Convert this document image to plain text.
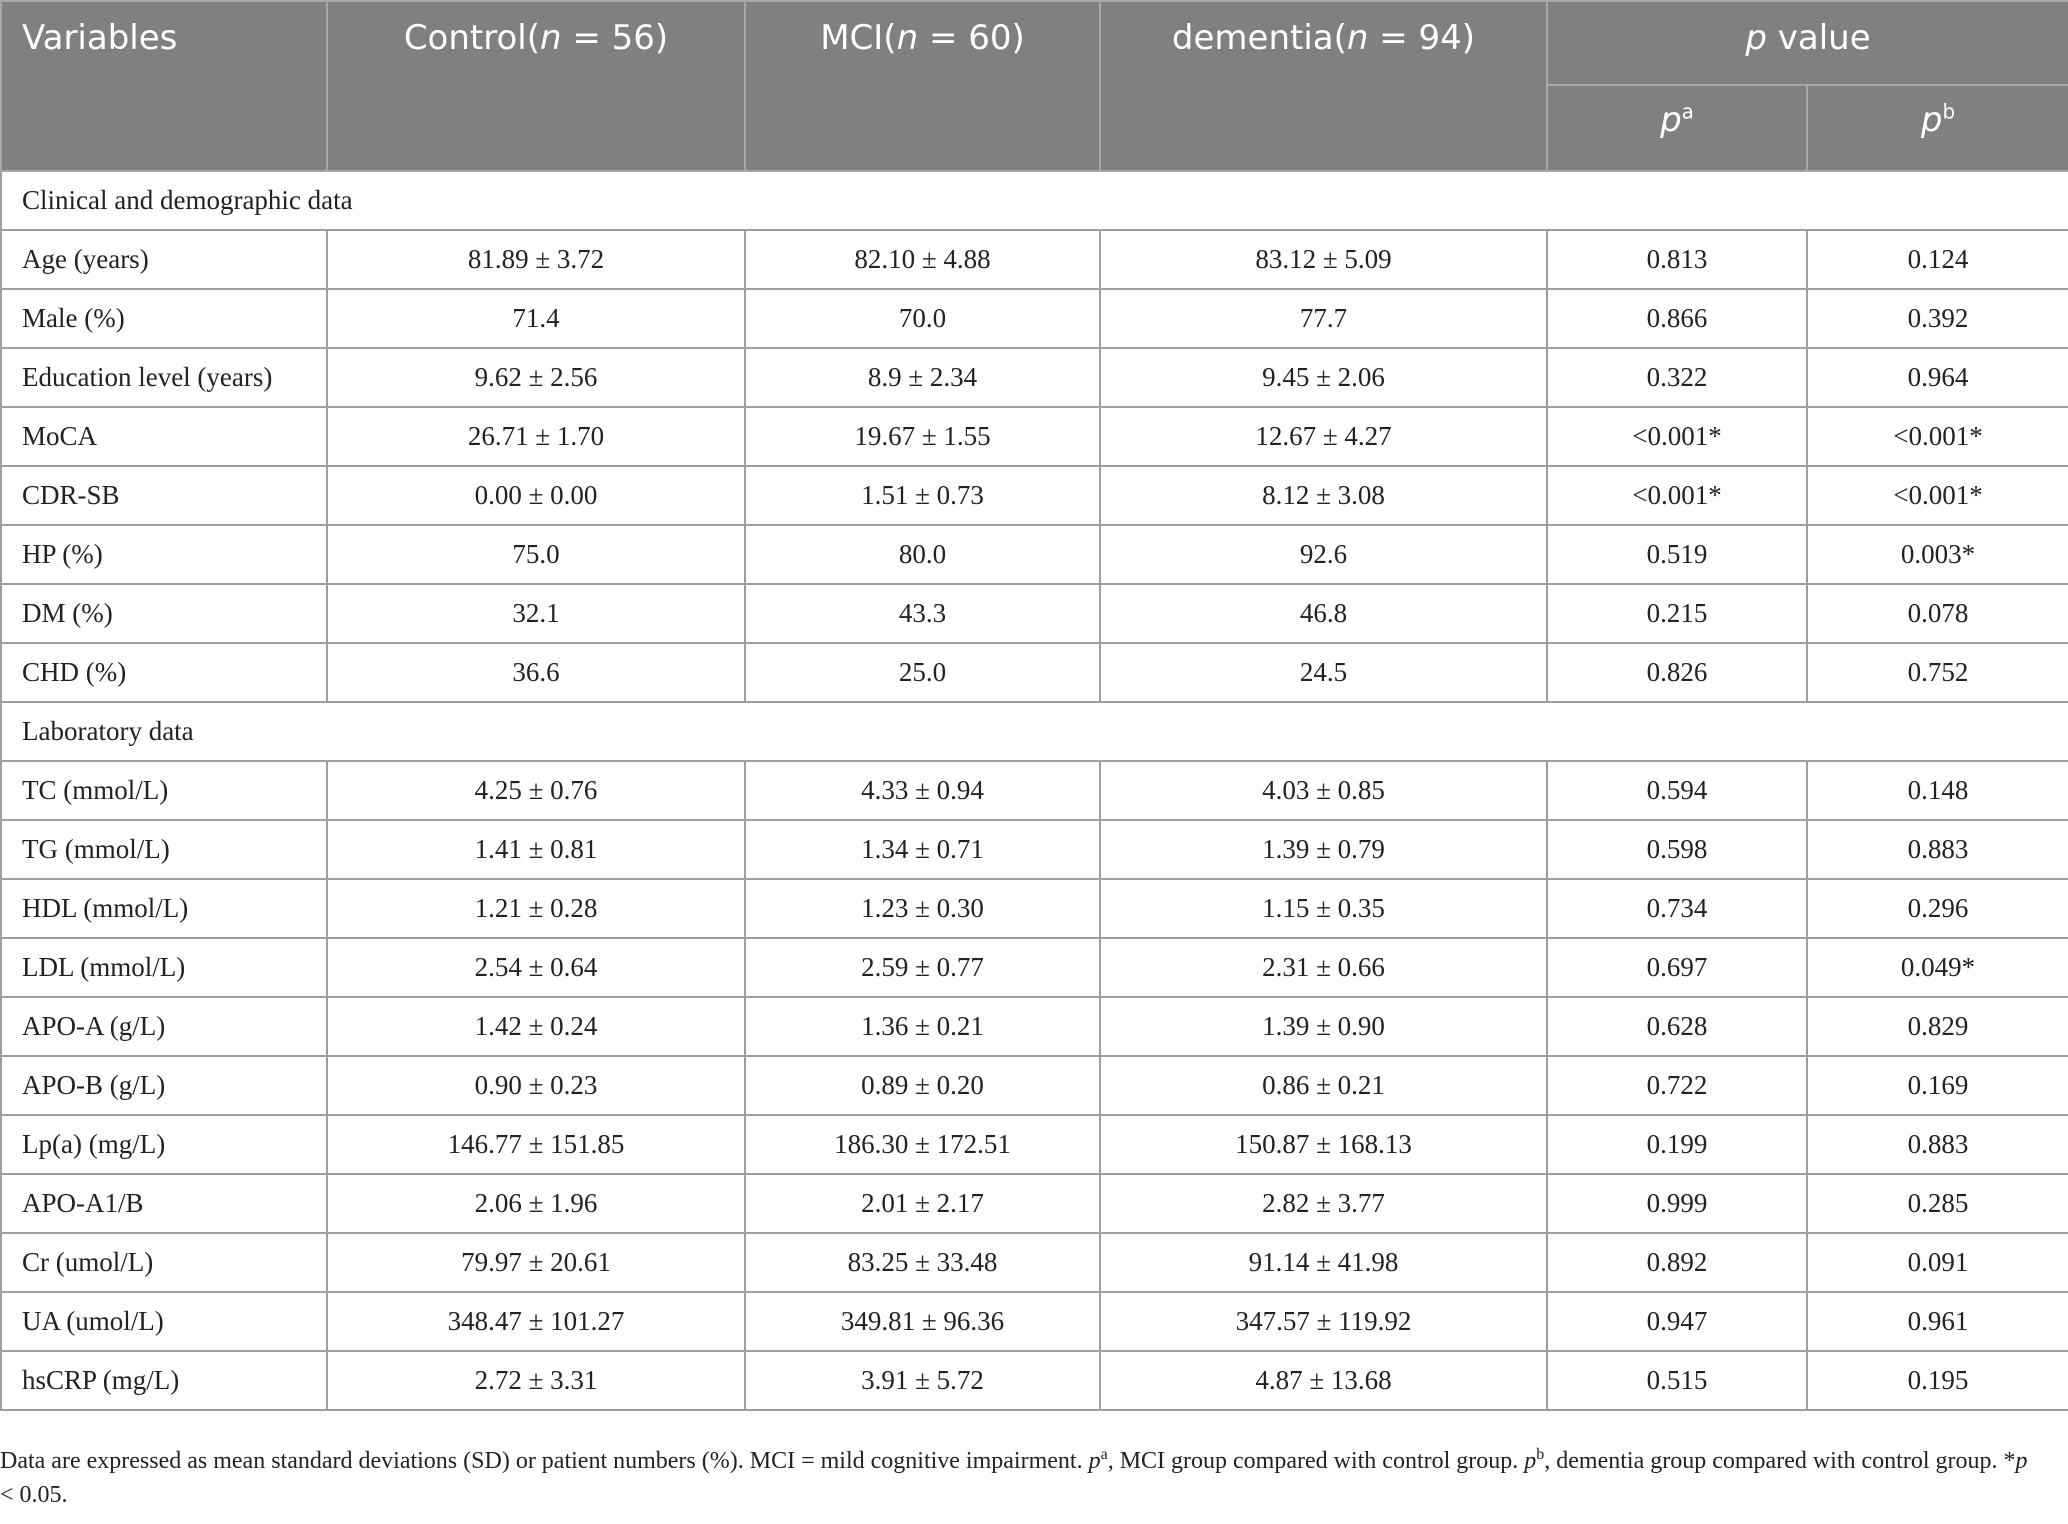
Variables	Control(n = 56)	MCI(n = 60)	dementia(n = 94)	p value	
				$p^a$	$p^b$
Clinical and demographic data					
Age (years)	81.89 ± 3.72	82.10 ± 4.88	83.12 ± 5.09	0.813	0.124
Male (%)	71.4	70.0	77.7	0.866	0.392
Education level (years)	9.62 ± 2.56	8.9 ± 2.34	9.45 ± 2.06	0.322	0.964
MoCA	26.71 ± 1.70	19.67 ± 1.55	12.67 ± 4.27	<0.001*	<0.001*
CDR-SB	0.00 ± 0.00	1.51 ± 0.73	8.12 ± 3.08	<0.001*	<0.001*
HP (%)	75.0	80.0	92.6	0.519	0.003*
DM (%)	32.1	43.3	46.8	0.215	0.078
CHD (%)	36.6	25.0	24.5	0.826	0.752
Laboratory data					
TC (mmol/L)	4.25 ± 0.76	4.33 ± 0.94	4.03 ± 0.85	0.594	0.148
TG (mmol/L)	1.41 ± 0.81	1.34 ± 0.71	1.39 ± 0.79	0.598	0.883
HDL (mmol/L)	1.21 ± 0.28	1.23 ± 0.30	1.15 ± 0.35	0.734	0.296
LDL (mmol/L)	2.54 ± 0.64	2.59 ± 0.77	2.31 ± 0.66	0.697	0.049*
APO-A (g/L)	1.42 ± 0.24	1.36 ± 0.21	1.39 ± 0.90	0.628	0.829
APO-B (g/L)	0.90 ± 0.23	0.89 ± 0.20	0.86 ± 0.21	0.722	0.169
Lp(a) (mg/L)	146.77 ± 151.85	186.30 ± 172.51	150.87 ± 168.13	0.199	0.883
APO-A1/B	2.06 ± 1.96	2.01 ± 2.17	2.82 ± 3.77	0.999	0.285
Cr (umol/L)	79.97 ± 20.61	83.25 ± 33.48	91.14 ± 41.98	0.892	0.091
UA (umol/L)	348.47 ± 101.27	349.81 ± 96.36	347.57 ± 119.92	0.947	0.961
hsCRP (mg/L)	2.72 ± 3.31	3.91 ± 5.72	4.87 ± 13.68	0.515	0.195
Data are expressed as mean standard deviations (SD) or patient numbers (%). MCI = mild cognitive impairment. $p^a$, MCI group compared with control group. $p^b$, dementia group compared with control group. *p < 0.05.
